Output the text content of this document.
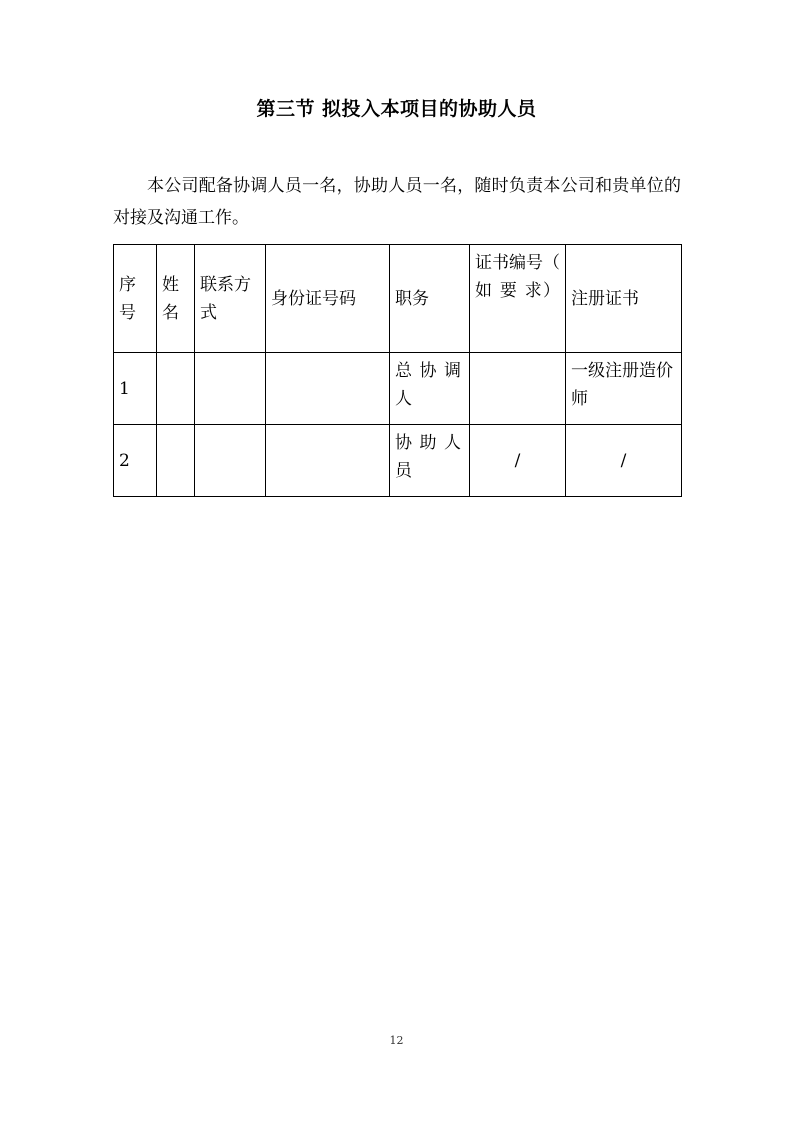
第三节 拟投入本项目的协助人员

本公司配备协调人员一名，协助人员一名，随时负责本公司和贵单位的对接及沟通工作。

序号	姓名	联系方式	身份证号码	职务	证书编号（ 如 要 求）	注册证书
1				总协调人		一级注册造价师
2				协助人员	/	/
12
